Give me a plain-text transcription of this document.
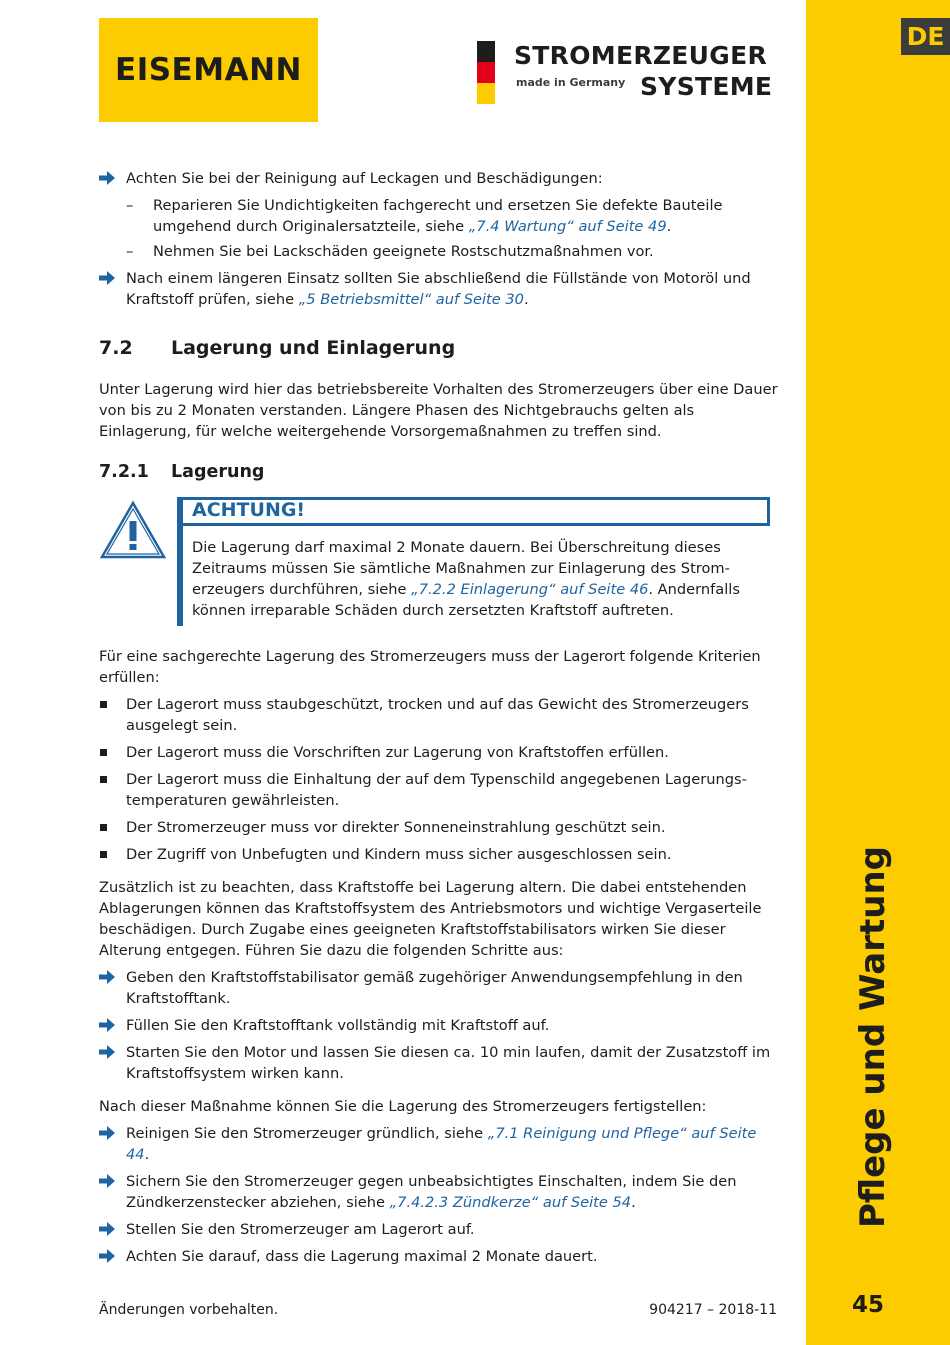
DE
Pflege und Wartung
45
EISEMANN	STROMERZEUGER
made in Germany SYSTEME
Achten Sie bei der Reinigung auf Leckagen und Beschädigungen:
– Reparieren Sie Undichtigkeiten fachgerecht und ersetzen Sie defekte Bauteile umgehend durch Originalersatzteile, siehe „7.4 Wartung“ auf Seite 49.
– Nehmen Sie bei Lackschäden geeignete Rostschutzmaßnahmen vor.
Nach einem längeren Einsatz sollten Sie abschließend die Füllstände von Motoröl und Kraftstoff prüfen, siehe „5 Betriebsmittel“ auf Seite 30.
7.2	Lagerung und Einlagerung
Unter Lagerung wird hier das betriebsbereite Vorhalten des Stromerzeugers über eine Dauer von bis zu 2 Monaten verstanden. Längere Phasen des Nichtgebrauchs gelten als Einlagerung, für welche weitergehende Vorsorgemaßnahmen zu treffen sind.
7.2.1	Lagerung
ACHTUNG!
Die Lagerung darf maximal 2 Monate dauern. Bei Überschreitung dieses Zeitraums müssen Sie sämtliche Maßnahmen zur Einlagerung des Stromerzeugers durchführen, siehe „7.2.2 Einlagerung“ auf Seite 46. Andernfalls können irreparable Schäden durch zersetzten Kraftstoff auftreten.
Für eine sachgerechte Lagerung des Stromerzeugers muss der Lagerort folgende Kriterien erfüllen:
Der Lagerort muss staubgeschützt, trocken und auf das Gewicht des Stromerzeugers ausgelegt sein.
Der Lagerort muss die Vorschriften zur Lagerung von Kraftstoffen erfüllen.
Der Lagerort muss die Einhaltung der auf dem Typenschild angegebenen Lagerungstemperaturen gewährleisten.
Der Stromerzeuger muss vor direkter Sonneneinstrahlung geschützt sein.
Der Zugriff von Unbefugten und Kindern muss sicher ausgeschlossen sein.
Zusätzlich ist zu beachten, dass Kraftstoffe bei Lagerung altern. Die dabei entstehenden Ablagerungen können das Kraftstoffsystem des Antriebsmotors und wichtige Vergaserteile beschädigen. Durch Zugabe eines geeigneten Kraftstoffstabilisators wirken Sie dieser Alterung entgegen. Führen Sie dazu die folgenden Schritte aus:
Geben den Kraftstoffstabilisator gemäß zugehöriger Anwendungsempfehlung in den Kraftstofftank.
Füllen Sie den Kraftstofftank vollständig mit Kraftstoff auf.
Starten Sie den Motor und lassen Sie diesen ca. 10 min laufen, damit der Zusatzstoff im Kraftstoffsystem wirken kann.
Nach dieser Maßnahme können Sie die Lagerung des Stromerzeugers fertigstellen:
Reinigen Sie den Stromerzeuger gründlich, siehe „7.1 Reinigung und Pflege“ auf Seite 44.
Sichern Sie den Stromerzeuger gegen unbeabsichtigtes Einschalten, indem Sie den Zündkerzenstecker abziehen, siehe „7.4.2.3 Zündkerze“ auf Seite 54.
Stellen Sie den Stromerzeuger am Lagerort auf.
Achten Sie darauf, dass die Lagerung maximal 2 Monate dauert.
Änderungen vorbehalten.	904217 – 2018-11
